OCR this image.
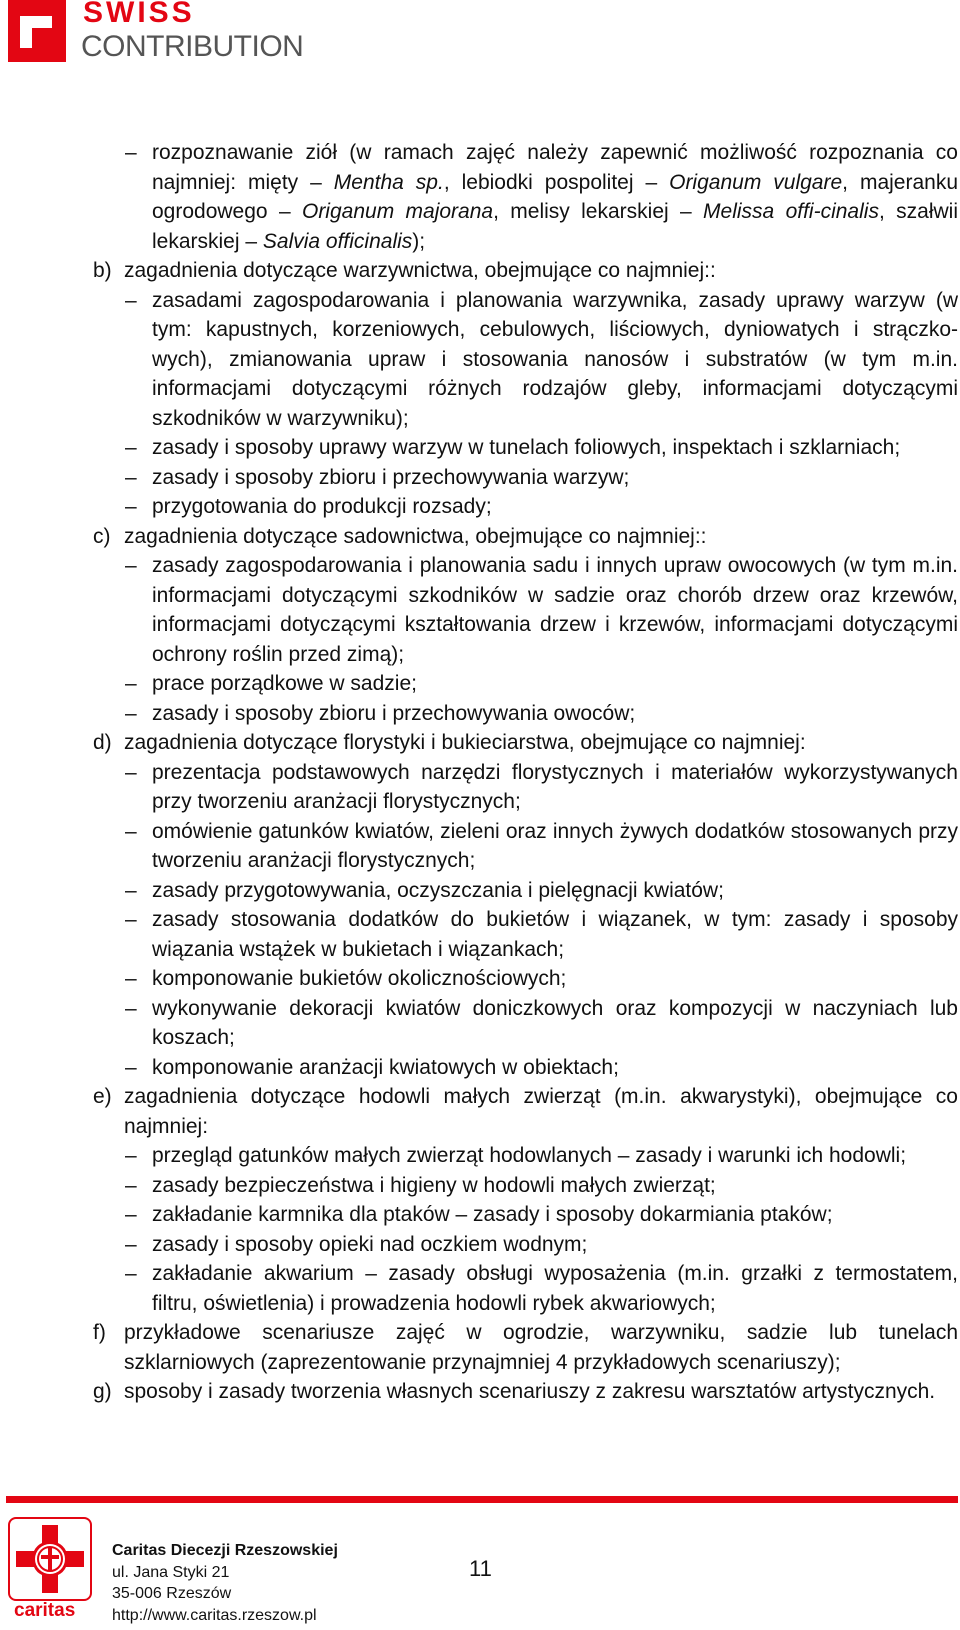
SWISS
CONTRIBUTION
– rozpoznawanie ziół (w ramach zajęć należy zapewnić możliwość rozpoznania co najmniej: mięty – Mentha sp., lebiodki pospolitej – Origanum vulgare, majeranku ogrodowego – Origanum majorana, melisy lekarskiej – Melissa offi-cinalis, szałwii lekarskiej – Salvia officinalis);
b) zagadnienia dotyczące warzywnictwa, obejmujące co najmniej::
– zasadami zagospodarowania i planowania warzywnika, zasady uprawy warzyw (w tym: kapustnych, korzeniowych, cebulowych, liściowych, dyniowatych i strączko-wych), zmianowania upraw i stosowania nanosów i substratów (w tym m.in. informacjami dotyczącymi różnych rodzajów gleby, informacjami dotyczącymi szkodników w warzywniku);
– zasady i sposoby uprawy warzyw w tunelach foliowych, inspektach i szklarniach;
– zasady i sposoby zbioru i przechowywania warzyw;
– przygotowania do produkcji rozsady;
c) zagadnienia dotyczące sadownictwa, obejmujące co najmniej::
– zasady zagospodarowania i planowania sadu i innych upraw owocowych (w tym m.in. informacjami dotyczącymi szkodników w sadzie oraz chorób drzew oraz krzewów, informacjami dotyczącymi kształtowania drzew i krzewów, informacjami dotyczącymi ochrony roślin przed zimą);
– prace porządkowe w sadzie;
– zasady i sposoby zbioru i przechowywania owoców;
d) zagadnienia dotyczące florystyki i bukieciarstwa, obejmujące co najmniej:
– prezentacja podstawowych narzędzi florystycznych i materiałów wykorzystywanych przy tworzeniu aranżacji florystycznych;
– omówienie gatunków kwiatów, zieleni oraz innych żywych dodatków stosowanych przy tworzeniu aranżacji florystycznych;
– zasady przygotowywania, oczyszczania i pielęgnacji kwiatów;
– zasady stosowania dodatków do bukietów i wiązanek, w tym: zasady i sposoby wiązania wstążek w bukietach i wiązankach;
– komponowanie bukietów okolicznościowych;
– wykonywanie dekoracji kwiatów doniczkowych oraz kompozycji w naczyniach lub koszach;
– komponowanie aranżacji kwiatowych w obiektach;
e) zagadnienia dotyczące hodowli małych zwierząt (m.in. akwarystyki), obejmujące co najmniej:
– przegląd gatunków małych zwierząt hodowlanych – zasady i warunki ich hodowli;
– zasady bezpieczeństwa i higieny w hodowli małych zwierząt;
– zakładanie karmnika dla ptaków – zasady i sposoby dokarmiania ptaków;
– zasady i sposoby opieki nad oczkiem wodnym;
– zakładanie akwarium – zasady obsługi wyposażenia (m.in. grzałki z termostatem, filtru, oświetlenia) i prowadzenia hodowli rybek akwariowych;
f) przykładowe scenariusze zajęć w ogrodzie, warzywniku, sadzie lub tunelach szklarniowych (zaprezentowanie przynajmniej 4 przykładowych scenariuszy);
g) sposoby i zasady tworzenia własnych scenariuszy z zakresu warsztatów artystycznych.
caritas
Caritas Diecezji Rzeszowskiej
ul. Jana Styki 21
35-006 Rzeszów
http://www.caritas.rzeszow.pl
11
